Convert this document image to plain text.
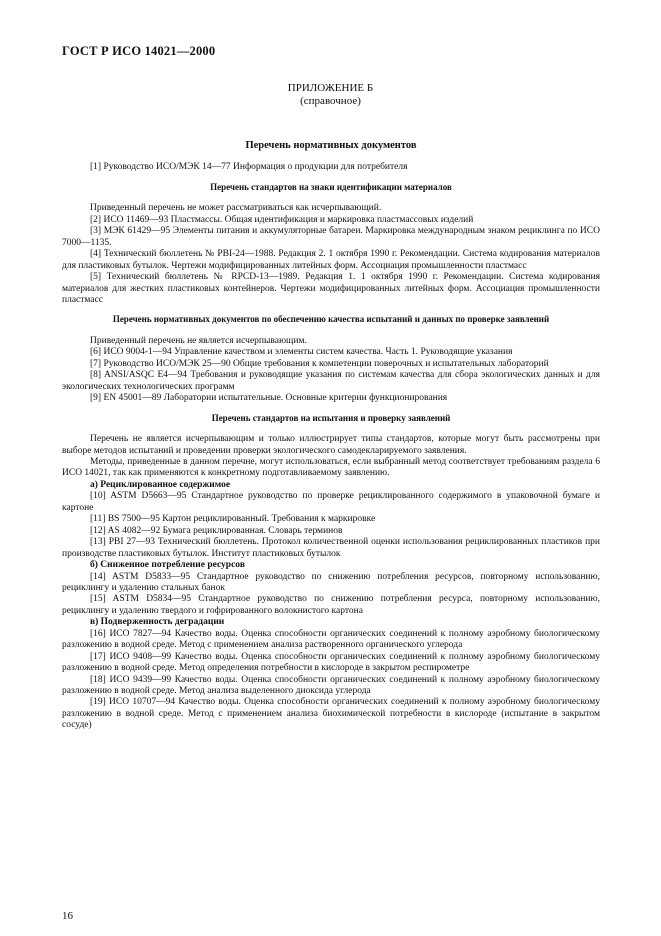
ГОСТ Р ИСО 14021—2000
ПРИЛОЖЕНИЕ Б
(справочное)
Перечень нормативных документов
[1] Руководство ИСО/МЭК 14—77 Информация о продукции для потребителя
Перечень стандартов на знаки идентификации материалов

Приведенный перечень не может рассматриваться как исчерпывающий.

[2] ИСО 11469—93 Пластмассы. Общая идентификация и маркировка пластмассовых изделий

[3] МЭК 61429—95 Элементы питания и аккумуляторные батареи. Маркировка международным знаком рециклинга по ИСО 7000—1135.

[4] Технический бюллетень № PBI-24—1988. Редакция 2. 1 октября 1990 г. Рекомендации. Система кодирования материалов для пластиковых бутылок. Чертежи модифицированных литейных форм. Ассоциация промышленности пластмасс

[5] Технический бюллетень № RPCD-13—1989. Редакция 1. 1 октября 1990 г. Рекомендации. Система кодирования материалов для жестких пластиковых контейнеров. Чертежи модифицированных литейных форм. Ассоциация промышленности пластмасс

Перечень нормативных документов по обеспечению качества испытаний и данных по проверке заявлений

Приведенный перечень не является исчерпывающим.

[6] ИСО 9004-1—94 Управление качеством и элементы систем качества. Часть 1. Руководящие указания

[7] Руководство ИСО/МЭК 25—90 Общие требования к компетенции поверочных и испытательных лабораторий

[8] ANSI/ASQC E4—94 Требования и руководящие указания по системам качества для сбора экологических данных и для экологических технологических программ

[9] EN 45001—89 Лаборатории испытательные. Основные критерии функционирования

Перечень стандартов на испытания и проверку заявлений

Перечень не является исчерпывающим и только иллюстрирует типы стандартов, которые могут быть рассмотрены при выборе методов испытаний и проведении проверки экологического самодекларируемого заявления.

Методы, приведенные в данном перечне, могут использоваться, если выбранный метод соответствует требованиям раздела 6 ИСО 14021, так как применяются к конкретному подготавливаемому заявлению.

а) Рециклированное содержимое

[10] ASTM D5663—95 Стандартное руководство по проверке рециклированного содержимого в упаковочной бумаге и картоне

[11] BS 7500—95 Картон рециклированный. Требования к маркировке

[12] AS 4082—92 Бумага рециклированная. Словарь терминов

[13] PBI 27—93 Технический бюллетень. Протокол количественной оценки использования рециклированных пластиков при производстве пластиковых бутылок. Институт пластиковых бутылок

б) Сниженное потребление ресурсов

[14] ASTM D5833—95 Стандартное руководство по снижению потребления ресурсов, повторному использованию, рециклингу и удалению стальных банок

[15] ASTM D5834—95 Стандартное руководство по снижению потребления ресурса, повторному использованию, рециклингу и удалению твердого и гофрированного волокнистого картона

в) Подверженность деградации

[16] ИСО 7827—94 Качество воды. Оценка способности органических соединений к полному аэробному биологическому разложению в водной среде. Метод с применением анализа растворенного органического углерода

[17] ИСО 9408—99 Качество воды. Оценка способности органических соединений к полному аэробному биологическому разложению в водной среде. Метод определения потребности в кислороде в закрытом респирометре

[18] ИСО 9439—99 Качество воды. Оценка способности органических соединений к полному аэробному биологическому разложению в водной среде. Метод анализа выделенного диоксида углерода

[19] ИСО 10707—94 Качество воды. Оценка способности органических соединений к полному аэробному биологическому разложению в водной среде. Метод с применением анализа биохимической потребности в кислороде (испытание в закрытом сосуде)

16
